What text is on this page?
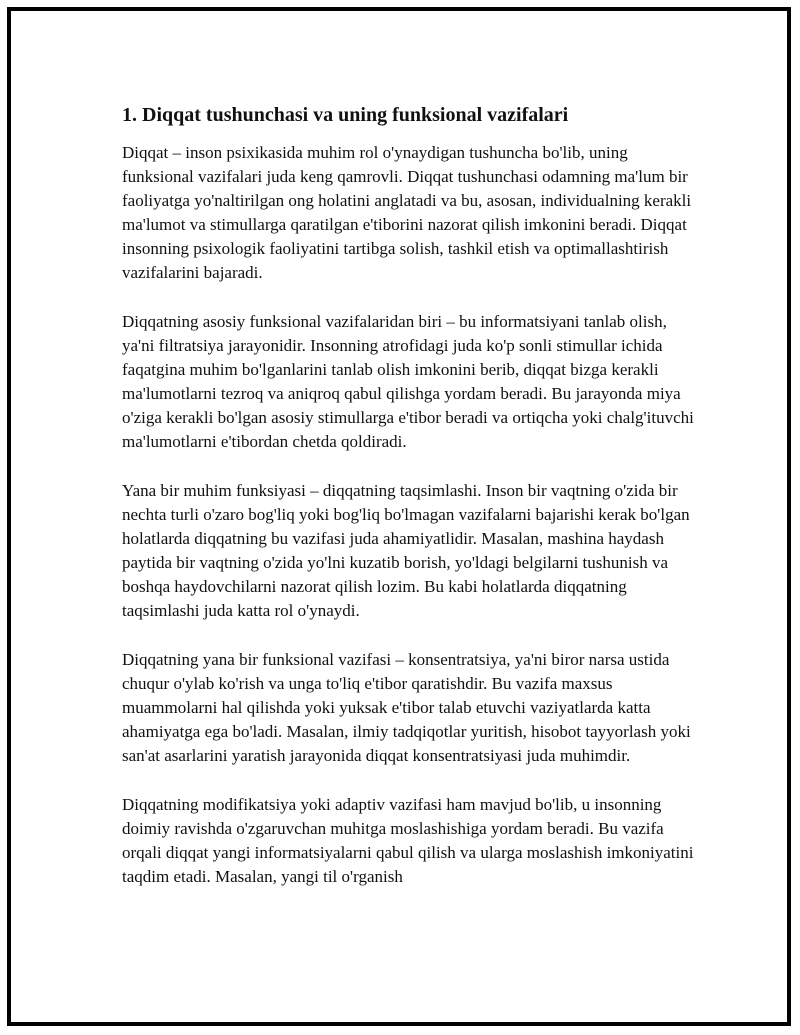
1. Diqqat tushunchasi va uning funksional vazifalari

Diqqat – inson psixikasida muhim rol o'ynaydigan tushuncha bo'lib, uning funksional vazifalari juda keng qamrovli. Diqqat tushunchasi odamning ma'lum bir faoliyatga yo'naltirilgan ong holatini anglatadi va bu, asosan, individualning kerakli ma'lumot va stimullarga qaratilgan e'tiborini nazorat qilish imkonini beradi. Diqqat insonning psixologik faoliyatini tartibga solish, tashkil etish va optimallashtirish vazifalarini bajaradi.

Diqqatning asosiy funksional vazifalaridan biri – bu informatsiyani tanlab olish, ya'ni filtratsiya jarayonidir. Insonning atrofidagi juda ko'p sonli stimullar ichida faqatgina muhim bo'lganlarini tanlab olish imkonini berib, diqqat bizga kerakli ma'lumotlarni tezroq va aniqroq qabul qilishga yordam beradi. Bu jarayonda miya o'ziga kerakli bo'lgan asosiy stimullarga e'tibor beradi va ortiqcha yoki chalg'ituvchi ma'lumotlarni e'tibordan chetda qoldiradi.

Yana bir muhim funksiyasi – diqqatning taqsimlashi. Inson bir vaqtning o'zida bir nechta turli o'zaro bog'liq yoki bog'liq bo'lmagan vazifalarni bajarishi kerak bo'lgan holatlarda diqqatning bu vazifasi juda ahamiyatlidir. Masalan, mashina haydash paytida bir vaqtning o'zida yo'lni kuzatib borish, yo'ldagi belgilarni tushunish va boshqa haydovchilarni nazorat qilish lozim. Bu kabi holatlarda diqqatning taqsimlashi juda katta rol o'ynaydi.

Diqqatning yana bir funksional vazifasi – konsentratsiya, ya'ni biror narsa ustida chuqur o'ylab ko'rish va unga to'liq e'tibor qaratishdir. Bu vazifa maxsus muammolarni hal qilishda yoki yuksak e'tibor talab etuvchi vaziyatlarda katta ahamiyatga ega bo'ladi. Masalan, ilmiy tadqiqotlar yuritish, hisobot tayyorlash yoki san'at asarlarini yaratish jarayonida diqqat konsentratsiyasi juda muhimdir.

Diqqatning modifikatsiya yoki adaptiv vazifasi ham mavjud bo'lib, u insonning doimiy ravishda o'zgaruvchan muhitga moslashishiga yordam beradi. Bu vazifa orqali diqqat yangi informatsiyalarni qabul qilish va ularga moslashish imkoniyatini taqdim etadi. Masalan, yangi til o'rganish
